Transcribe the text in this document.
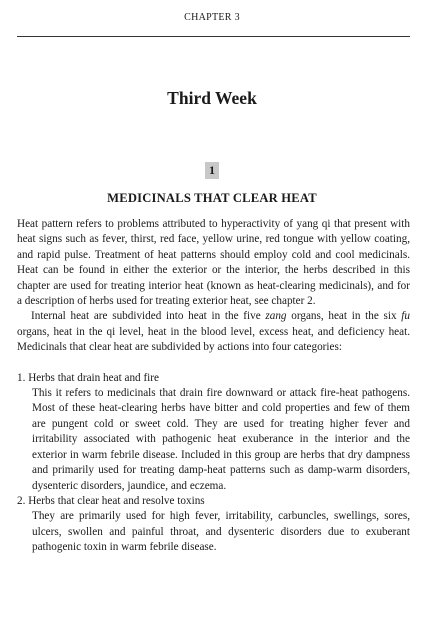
CHAPTER 3
Third Week
1
MEDICINALS THAT CLEAR HEAT

Heat pattern refers to problems attributed to hyperactivity of yang qi that present with heat signs such as fever, thirst, red face, yellow urine, red tongue with yellow coating, and rapid pulse. Treatment of heat patterns should employ cold and cool medicinals. Heat can be found in either the exterior or the interior, the herbs described in this chapter are used for treating interior heat (known as heat-clearing medicinals), and for a description of herbs used for treating exterior heat, see chapter 2.

Internal heat are subdivided into heat in the five zang organs, heat in the six fu organs, heat in the qi level, heat in the blood level, excess heat, and deficiency heat. Medicinals that clear heat are subdivided by actions into four categories:

1. Herbs that drain heat and fire
This it refers to medicinals that drain fire downward or attack fire-heat pathogens. Most of these heat-clearing herbs have bitter and cold properties and few of them are pungent cold or sweet cold. They are used for treating higher fever and irritability associated with pathogenic heat exuberance in the interior and the exterior in warm febrile disease. Included in this group are herbs that dry dampness and primarily used for treating damp-heat patterns such as damp-warm disorders, dysenteric disorders, jaundice, and eczema.
2. Herbs that clear heat and resolve toxins
They are primarily used for high fever, irritability, carbuncles, swellings, sores, ulcers, swollen and painful throat, and dysenteric disorders due to exuberant pathogenic toxin in warm febrile disease.
